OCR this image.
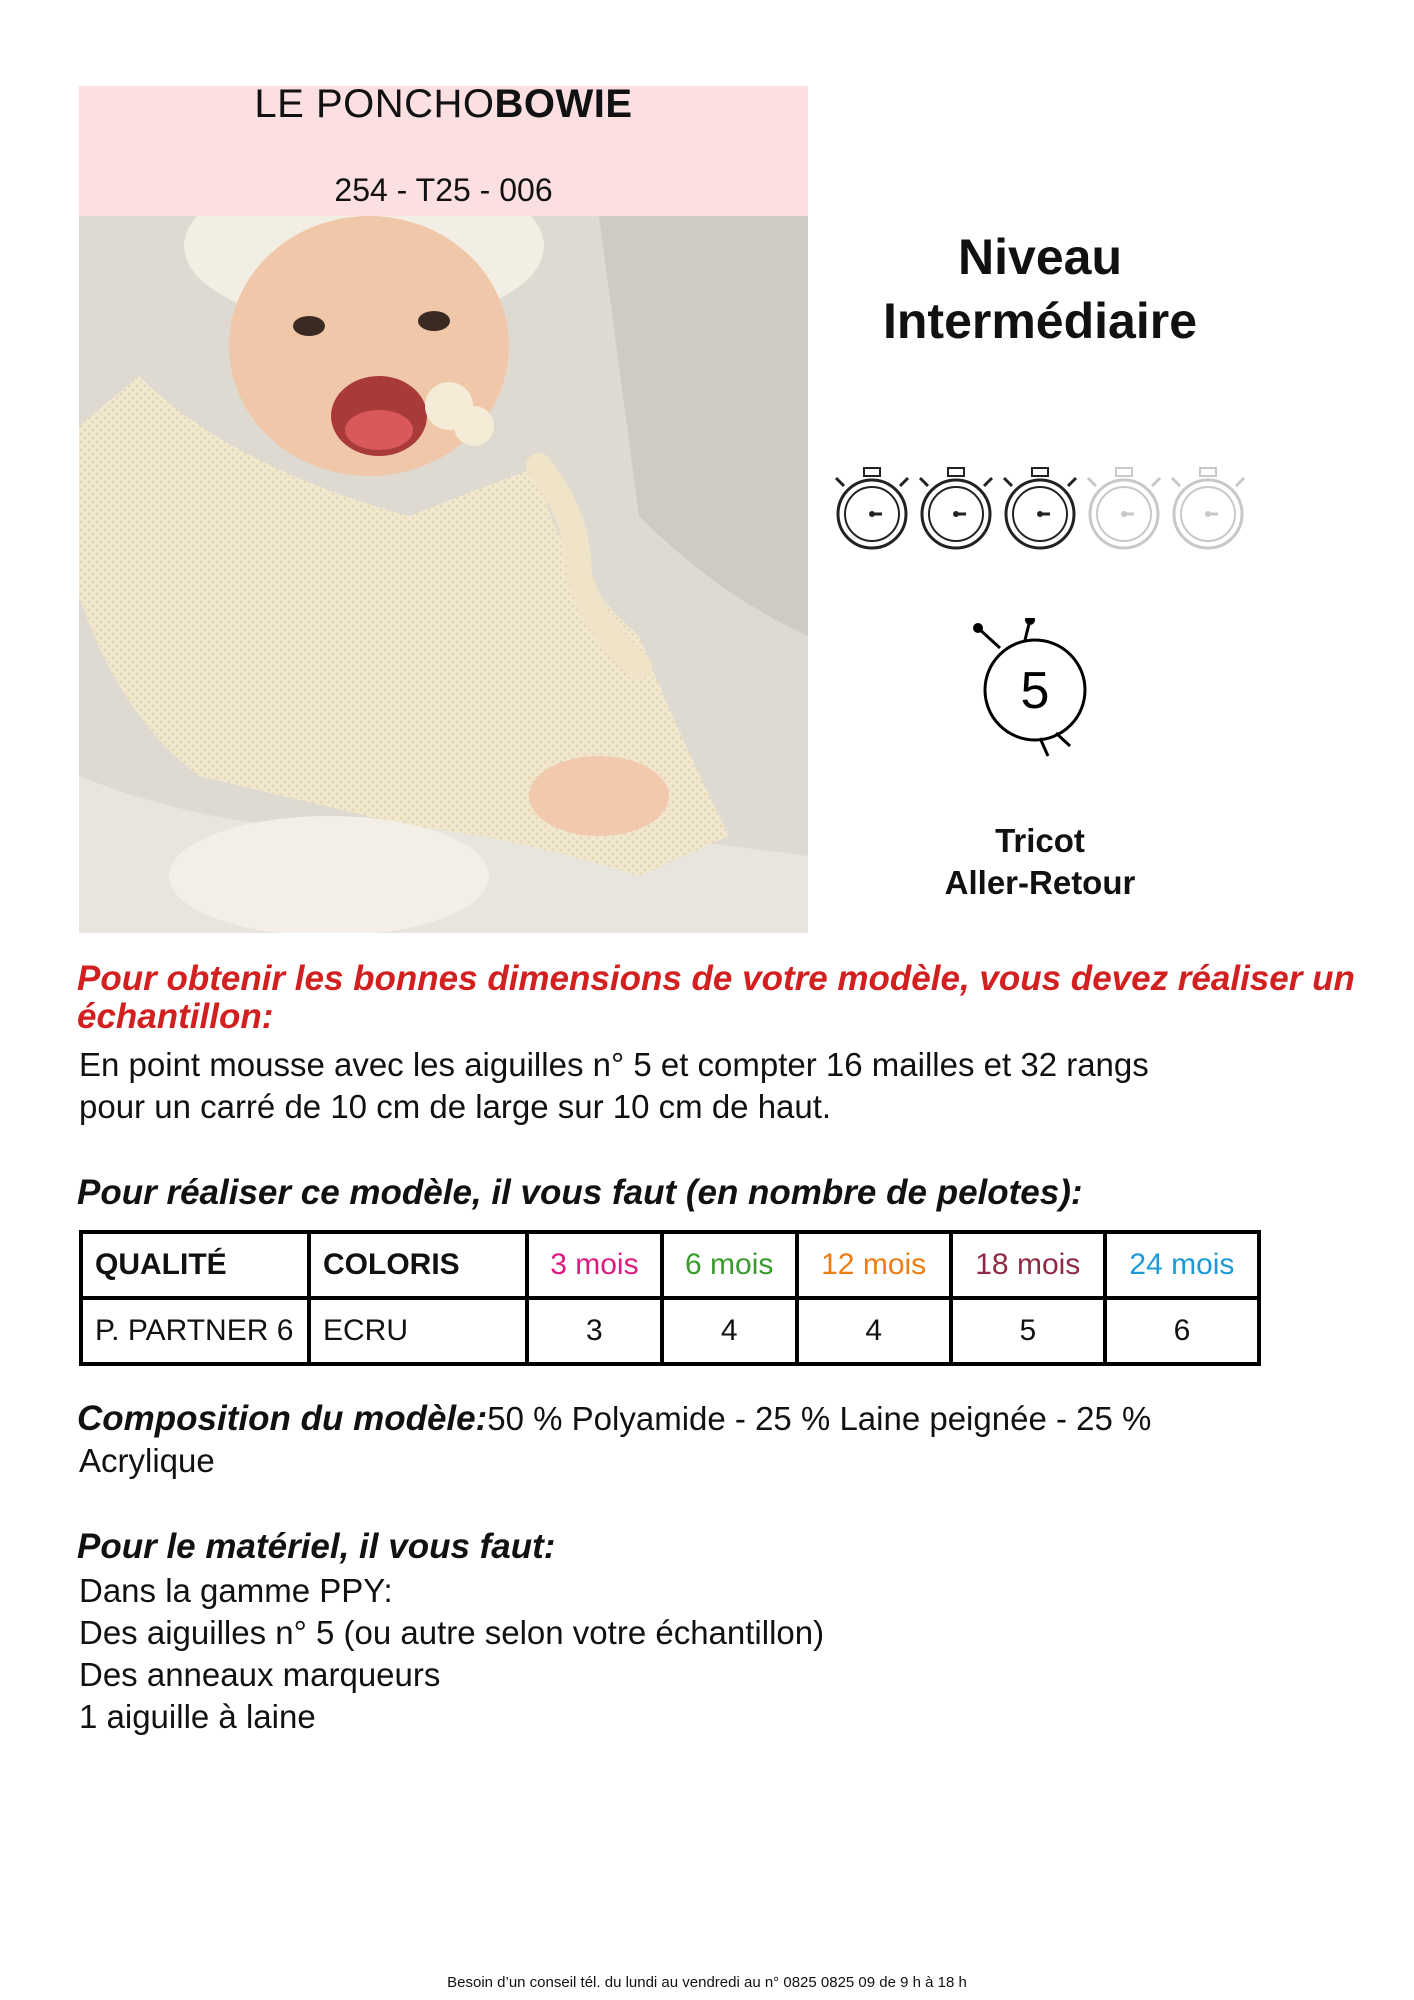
LE PONCHOBOWIE
254 - T25 - 006
Niveau
Intermédiaire
5
Tricot
Aller-Retour
Pour obtenir les bonnes dimensions de votre modèle, vous devez réaliser un échantillon:
En point mousse avec les aiguilles n° 5 et compter 16 mailles et 32 rangs
pour un carré de 10 cm de large sur 10 cm de haut.
Pour réaliser ce modèle, il vous faut (en nombre de pelotes):
QUALITÉ	COLORIS	3 mois	6 mois	12 mois	18 mois	24 mois
P. PARTNER 6	ECRU	3	4	4	5	6
Composition du modèle:50 % Polyamide - 25 % Laine peignée - 25 %
Acrylique
Pour le matériel, il vous faut:
Dans la gamme PPY:
Des aiguilles n° 5 (ou autre selon votre échantillon)
Des anneaux marqueurs
1 aiguille à laine
Besoin d’un conseil tél. du lundi au vendredi au n° 0825 0825 09 de 9 h à 18 h
